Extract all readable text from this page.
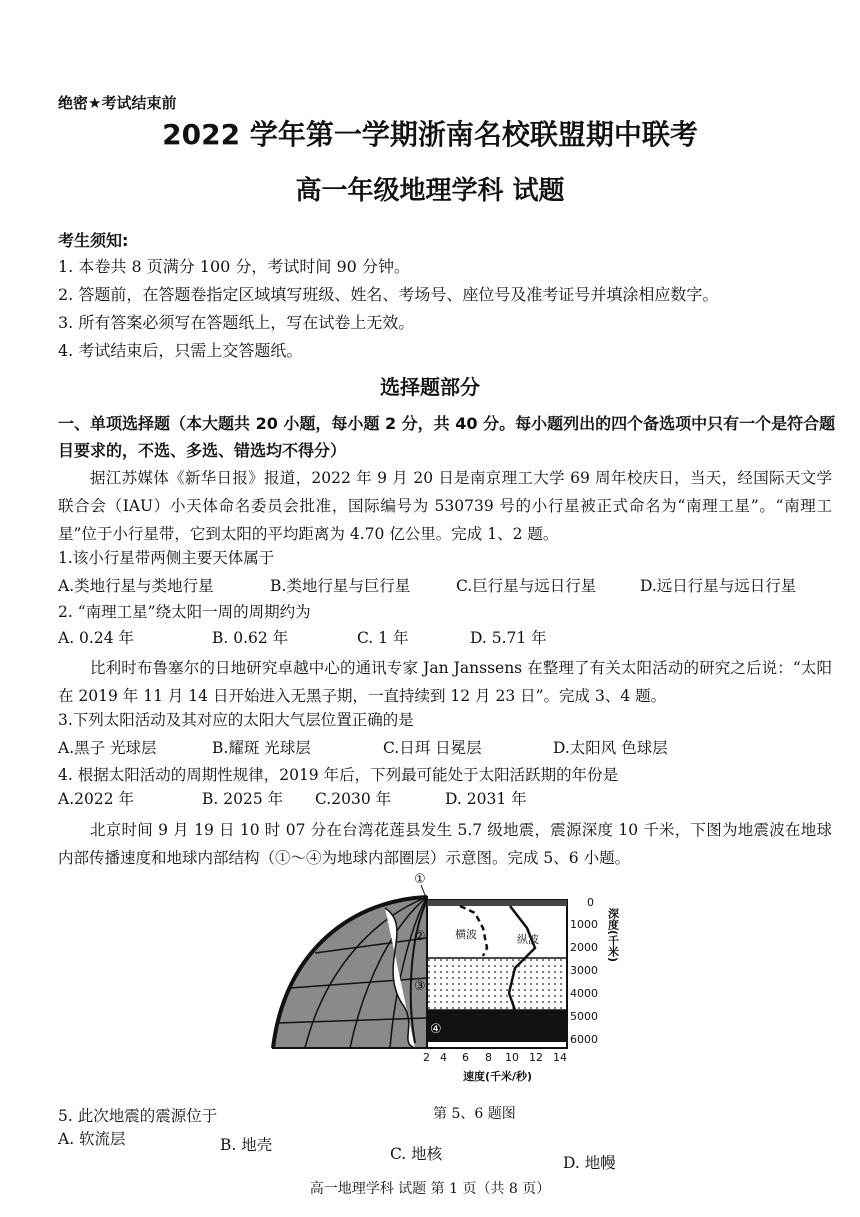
绝密★考试结束前
2022 学年第一学期浙南名校联盟期中联考
高一年级地理学科 试题
考生须知:
1. 本卷共 8 页满分 100 分，考试时间 90 分钟。
2. 答题前，在答题卷指定区域填写班级、姓名、考场号、座位号及准考证号并填涂相应数字。
3. 所有答案必须写在答题纸上，写在试卷上无效。
4. 考试结束后，只需上交答题纸。
选择题部分
一、单项选择题（本大题共 20 小题，每小题 2 分，共 40 分。每小题列出的四个备选项中只有一个是符合题目要求的，不选、多选、错选均不得分）
据江苏媒体《新华日报》报道，2022 年 9 月 20 日是南京理工大学 69 周年校庆日，当天，经国际天文学联合会（IAU）小天体命名委员会批准，国际编号为 530739 号的小行星被正式命名为“南理工星”。“南理工星”位于小行星带，它到太阳的平均距离为 4.70 亿公里。完成 1、2 题。
1.该小行星带两侧主要天体属于
A.类地行星与类地行星	B.类地行星与巨行星	C.巨行星与远日行星	D.远日行星与远日行星
2. “南理工星”绕太阳一周的周期约为
A. 0.24 年	B. 0.62 年	C. 1 年	D. 5.71 年
比利时布鲁塞尔的日地研究卓越中心的通讯专家 Jan Janssens 在整理了有关太阳活动的研究之后说：“太阳在 2019 年 11 月 14 日开始进入无黑子期，一直持续到 12 月 23 日”。完成 3、4 题。
3.下列太阳活动及其对应的太阳大气层位置正确的是
A.黑子 光球层	B.耀斑 光球层	C.日珥 日冕层	D.太阳风 色球层
4. 根据太阳活动的周期性规律，2019 年后，下列最可能处于太阳活跃期的年份是
A.2022 年	B. 2025 年 C.2030 年	D. 2031 年
北京时间 9 月 19 日 10 时 07 分在台湾花莲县发生 5.7 级地震，震源深度 10 千米，下图为地震波在地球内部传播速度和地球内部结构（①～④为地球内部圈层）示意图。完成 5、6 小题。
横波	纵波
①
②
③
④
0
1000
2000
3000
4000
5000
6000
深度(千米)
2 4 6 8 10 12 14
速度(千米/秒)
5. 此次地震的震源位于	第 5、6 题图
A. 软流层	B. 地壳	C. 地核	D. 地幔
高一地理学科 试题 第 1 页（共 8 页）
